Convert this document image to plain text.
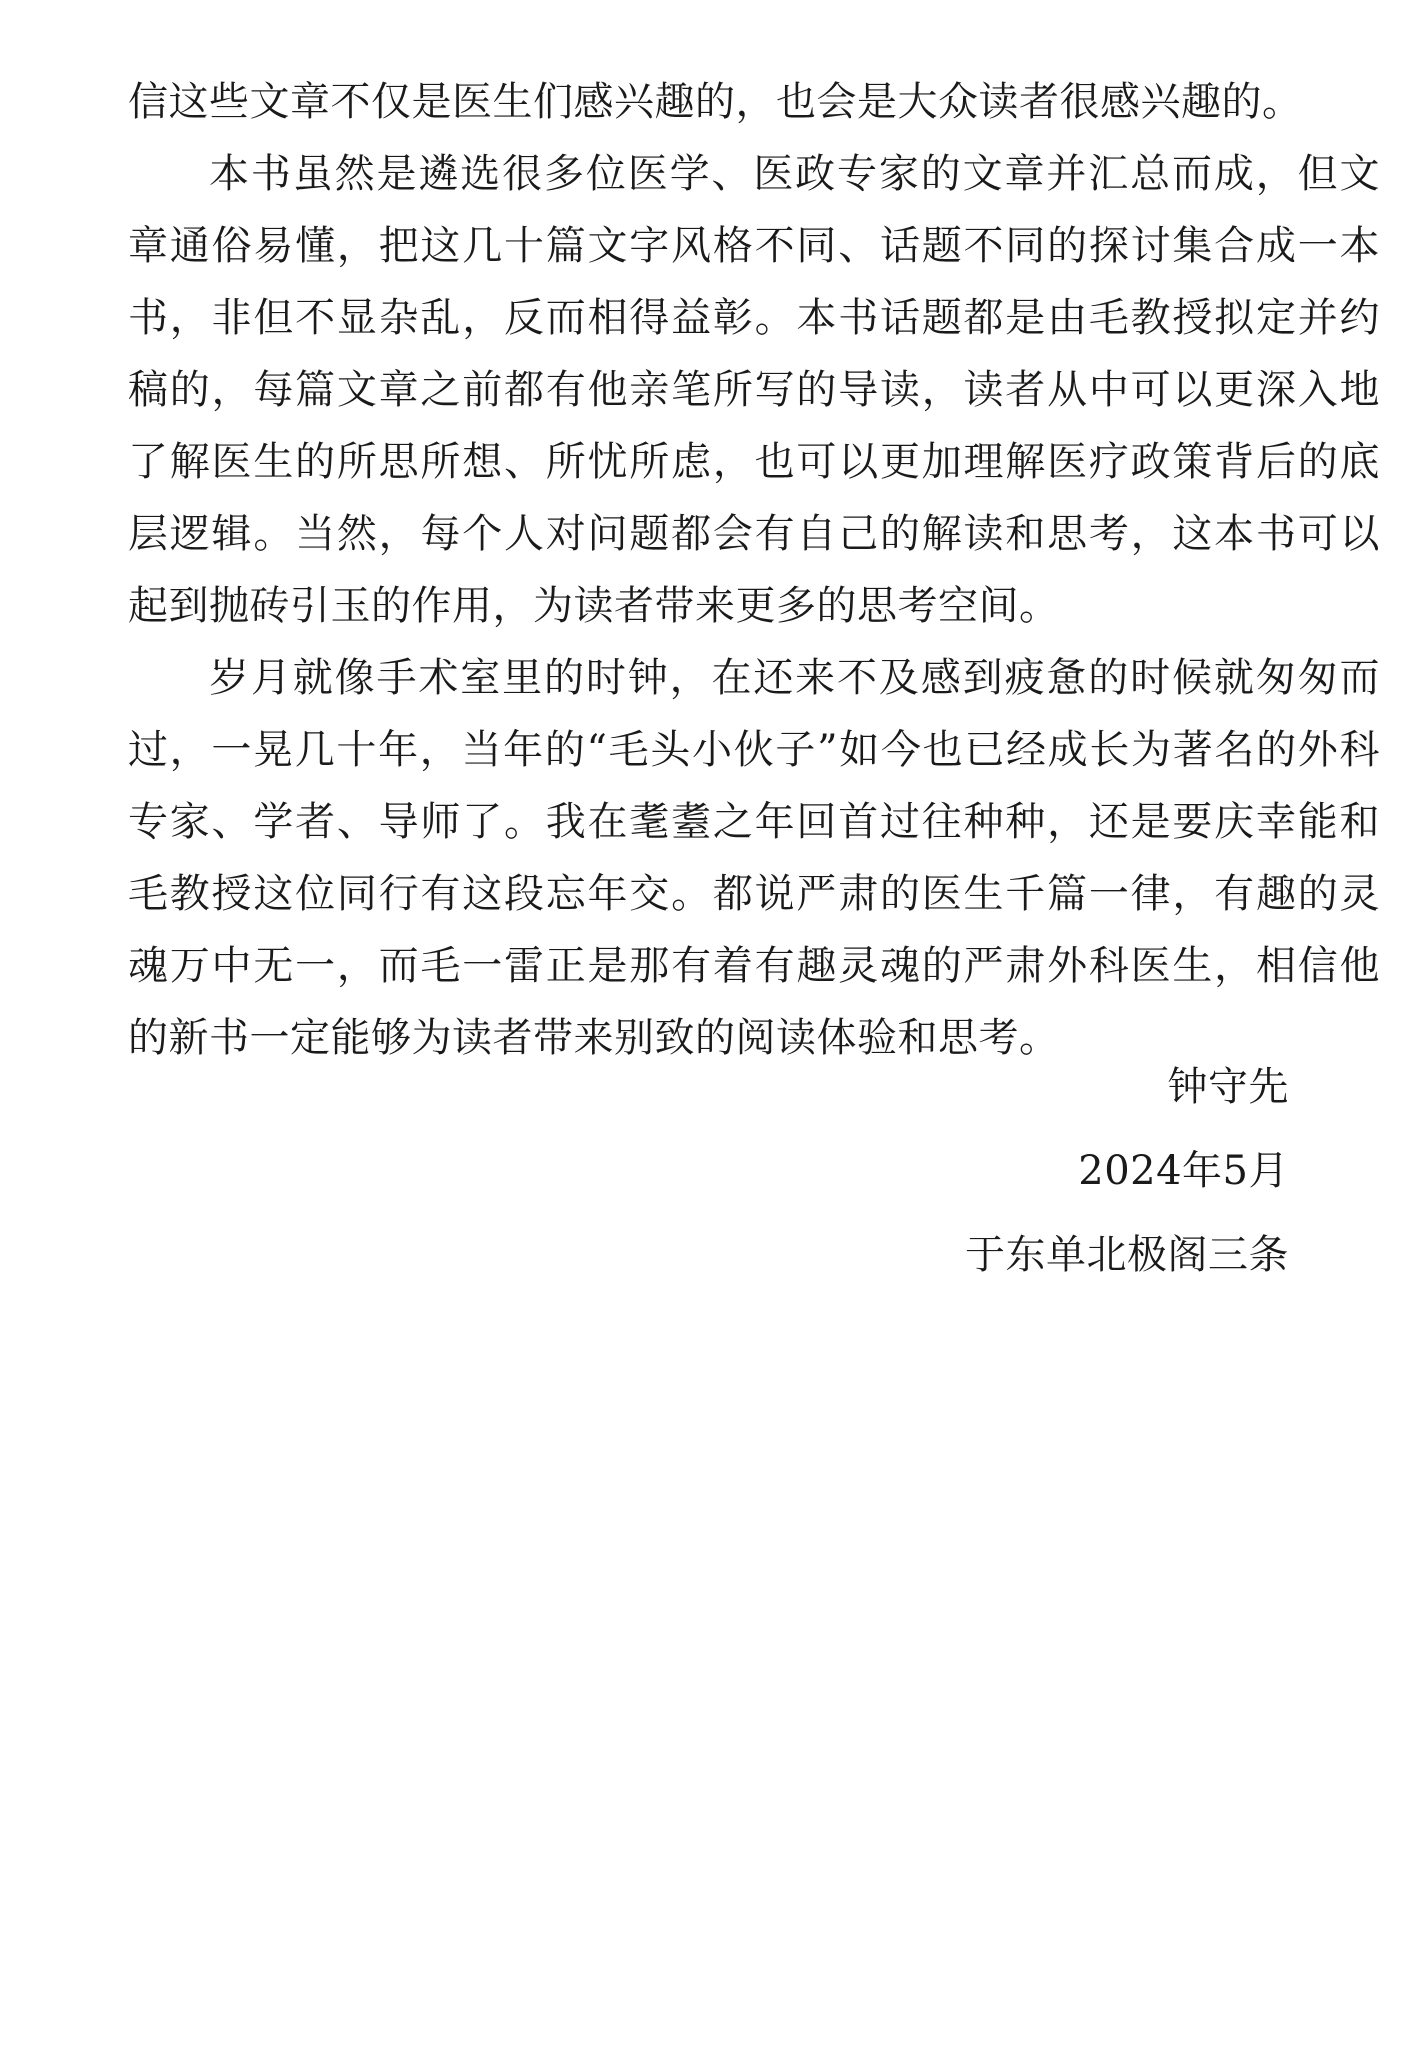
信这些文章不仅是医生们感兴趣的，也会是大众读者很感兴趣的。

本书虽然是遴选很多位医学、医政专家的文章并汇总而成，但文章通俗易懂，把这几十篇文字风格不同、话题不同的探讨集合成一本书，非但不显杂乱，反而相得益彰。本书话题都是由毛教授拟定并约稿的，每篇文章之前都有他亲笔所写的导读，读者从中可以更深入地了解医生的所思所想、所忧所虑，也可以更加理解医疗政策背后的底层逻辑。当然，每个人对问题都会有自己的解读和思考，这本书可以起到抛砖引玉的作用，为读者带来更多的思考空间。

岁月就像手术室里的时钟，在还来不及感到疲惫的时候就匆匆而过，一晃几十年，当年的“毛头小伙子”如今也已经成长为著名的外科专家、学者、导师了。我在耄耋之年回首过往种种，还是要庆幸能和毛教授这位同行有这段忘年交。都说严肃的医生千篇一律，有趣的灵魂万中无一，而毛一雷正是那有着有趣灵魂的严肃外科医生，相信他的新书一定能够为读者带来别致的阅读体验和思考。

钟守先
2024年5月
于东单北极阁三条
